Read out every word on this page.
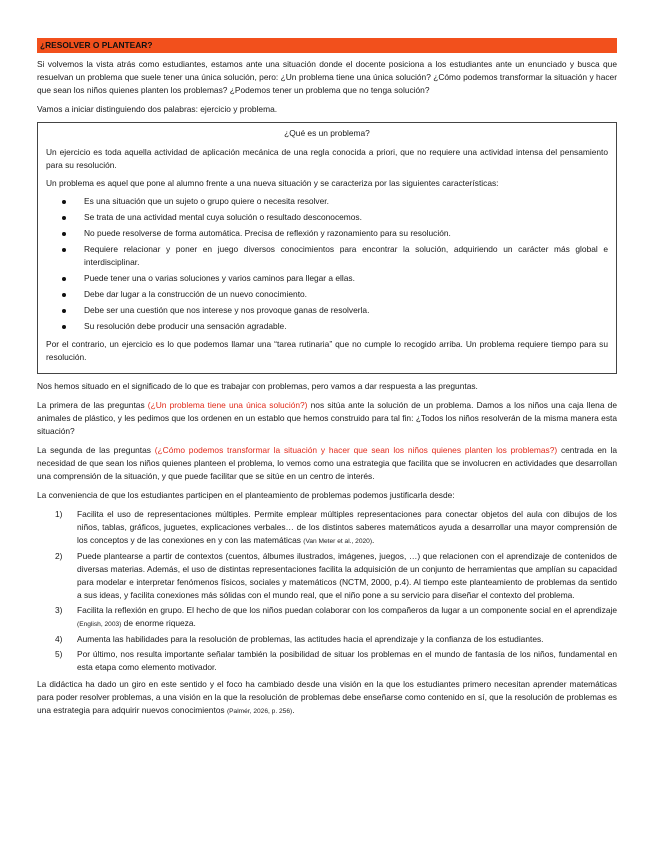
¿RESOLVER O PLANTEAR?

Si volvemos la vista atrás como estudiantes, estamos ante una situación donde el docente posiciona a los estudiantes ante un enunciado y busca que resuelvan un problema que suele tener una única solución, pero: ¿Un problema tiene una única solución? ¿Cómo podemos transformar la situación y hacer que sean los niños quienes planten los problemas? ¿Podemos tener un problema que no tenga solución?

Vamos a iniciar distinguiendo dos palabras: ejercicio y problema.

¿Qué es un problema?

Un ejercicio es toda aquella actividad de aplicación mecánica de una regla conocida a priori, que no requiere una actividad intensa del pensamiento para su resolución.

Un problema es aquel que pone al alumno frente a una nueva situación y se caracteriza por las siguientes características:

Es una situación que un sujeto o grupo quiere o necesita resolver.
Se trata de una actividad mental cuya solución o resultado desconocemos.
No puede resolverse de forma automática. Precisa de reflexión y razonamiento para su resolución.
Requiere relacionar y poner en juego diversos conocimientos para encontrar la solución, adquiriendo un carácter más global e interdisciplinar.
Puede tener una o varias soluciones y varios caminos para llegar a ellas.
Debe dar lugar a la construcción de un nuevo conocimiento.
Debe ser una cuestión que nos interese y nos provoque ganas de resolverla.
Su resolución debe producir una sensación agradable.

Por el contrario, un ejercicio es lo que podemos llamar una “tarea rutinaria” que no cumple lo recogido arriba. Un problema requiere tiempo para su resolución.

Nos hemos situado en el significado de lo que es trabajar con problemas, pero vamos a dar respuesta a las preguntas.

La primera de las preguntas (¿Un problema tiene una única solución?) nos sitúa ante la solución de un problema. Damos a los niños una caja llena de animales de plástico, y les pedimos que los ordenen en un establo que hemos construido para tal fin: ¿Todos los niños resolverán de la misma manera esta situación?

La segunda de las preguntas (¿Cómo podemos transformar la situación y hacer que sean los niños quienes planten los problemas?) centrada en la necesidad de que sean los niños quienes planteen el problema, lo vemos como una estrategia que facilita que se involucren en actividades que desarrollan una comprensión de la situación, y que puede facilitar que se sitúe en un centro de interés.

La conveniencia de que los estudiantes participen en el planteamiento de problemas podemos justificarla desde:

1) Facilita el uso de representaciones múltiples. Permite emplear múltiples representaciones para conectar objetos del aula con dibujos de los niños, tablas, gráficos, juguetes, explicaciones verbales… de los distintos saberes matemáticos ayuda a desarrollar una mayor comprensión de los conceptos y de las conexiones en y con las matemáticas (Van Meter et al., 2020).
2) Puede plantearse a partir de contextos (cuentos, álbumes ilustrados, imágenes, juegos, …) que relacionen con el aprendizaje de contenidos de diversas materias. Además, el uso de distintas representaciones facilita la adquisición de un conjunto de herramientas que amplían su capacidad para modelar e interpretar fenómenos físicos, sociales y matemáticos (NCTM, 2000, p.4). Al tiempo este planteamiento de problemas da sentido a sus ideas, y facilita conexiones más sólidas con el mundo real, que el niño pone a su servicio para diseñar el contexto del problema.
3) Facilita la reflexión en grupo. El hecho de que los niños puedan colaborar con los compañeros da lugar a un componente social en el aprendizaje (English, 2003) de enorme riqueza.
4) Aumenta las habilidades para la resolución de problemas, las actitudes hacia el aprendizaje y la confianza de los estudiantes.
5) Por último, nos resulta importante señalar también la posibilidad de situar los problemas en el mundo de fantasía de los niños, fundamental en esta etapa como elemento motivador.

La didáctica ha dado un giro en este sentido y el foco ha cambiado desde una visión en la que los estudiantes primero necesitan aprender matemáticas para poder resolver problemas, a una visión en la que la resolución de problemas debe enseñarse como contenido en sí, que la resolución de problemas es una estrategia para adquirir nuevos conocimientos (Palmér, 2026, p. 256).
